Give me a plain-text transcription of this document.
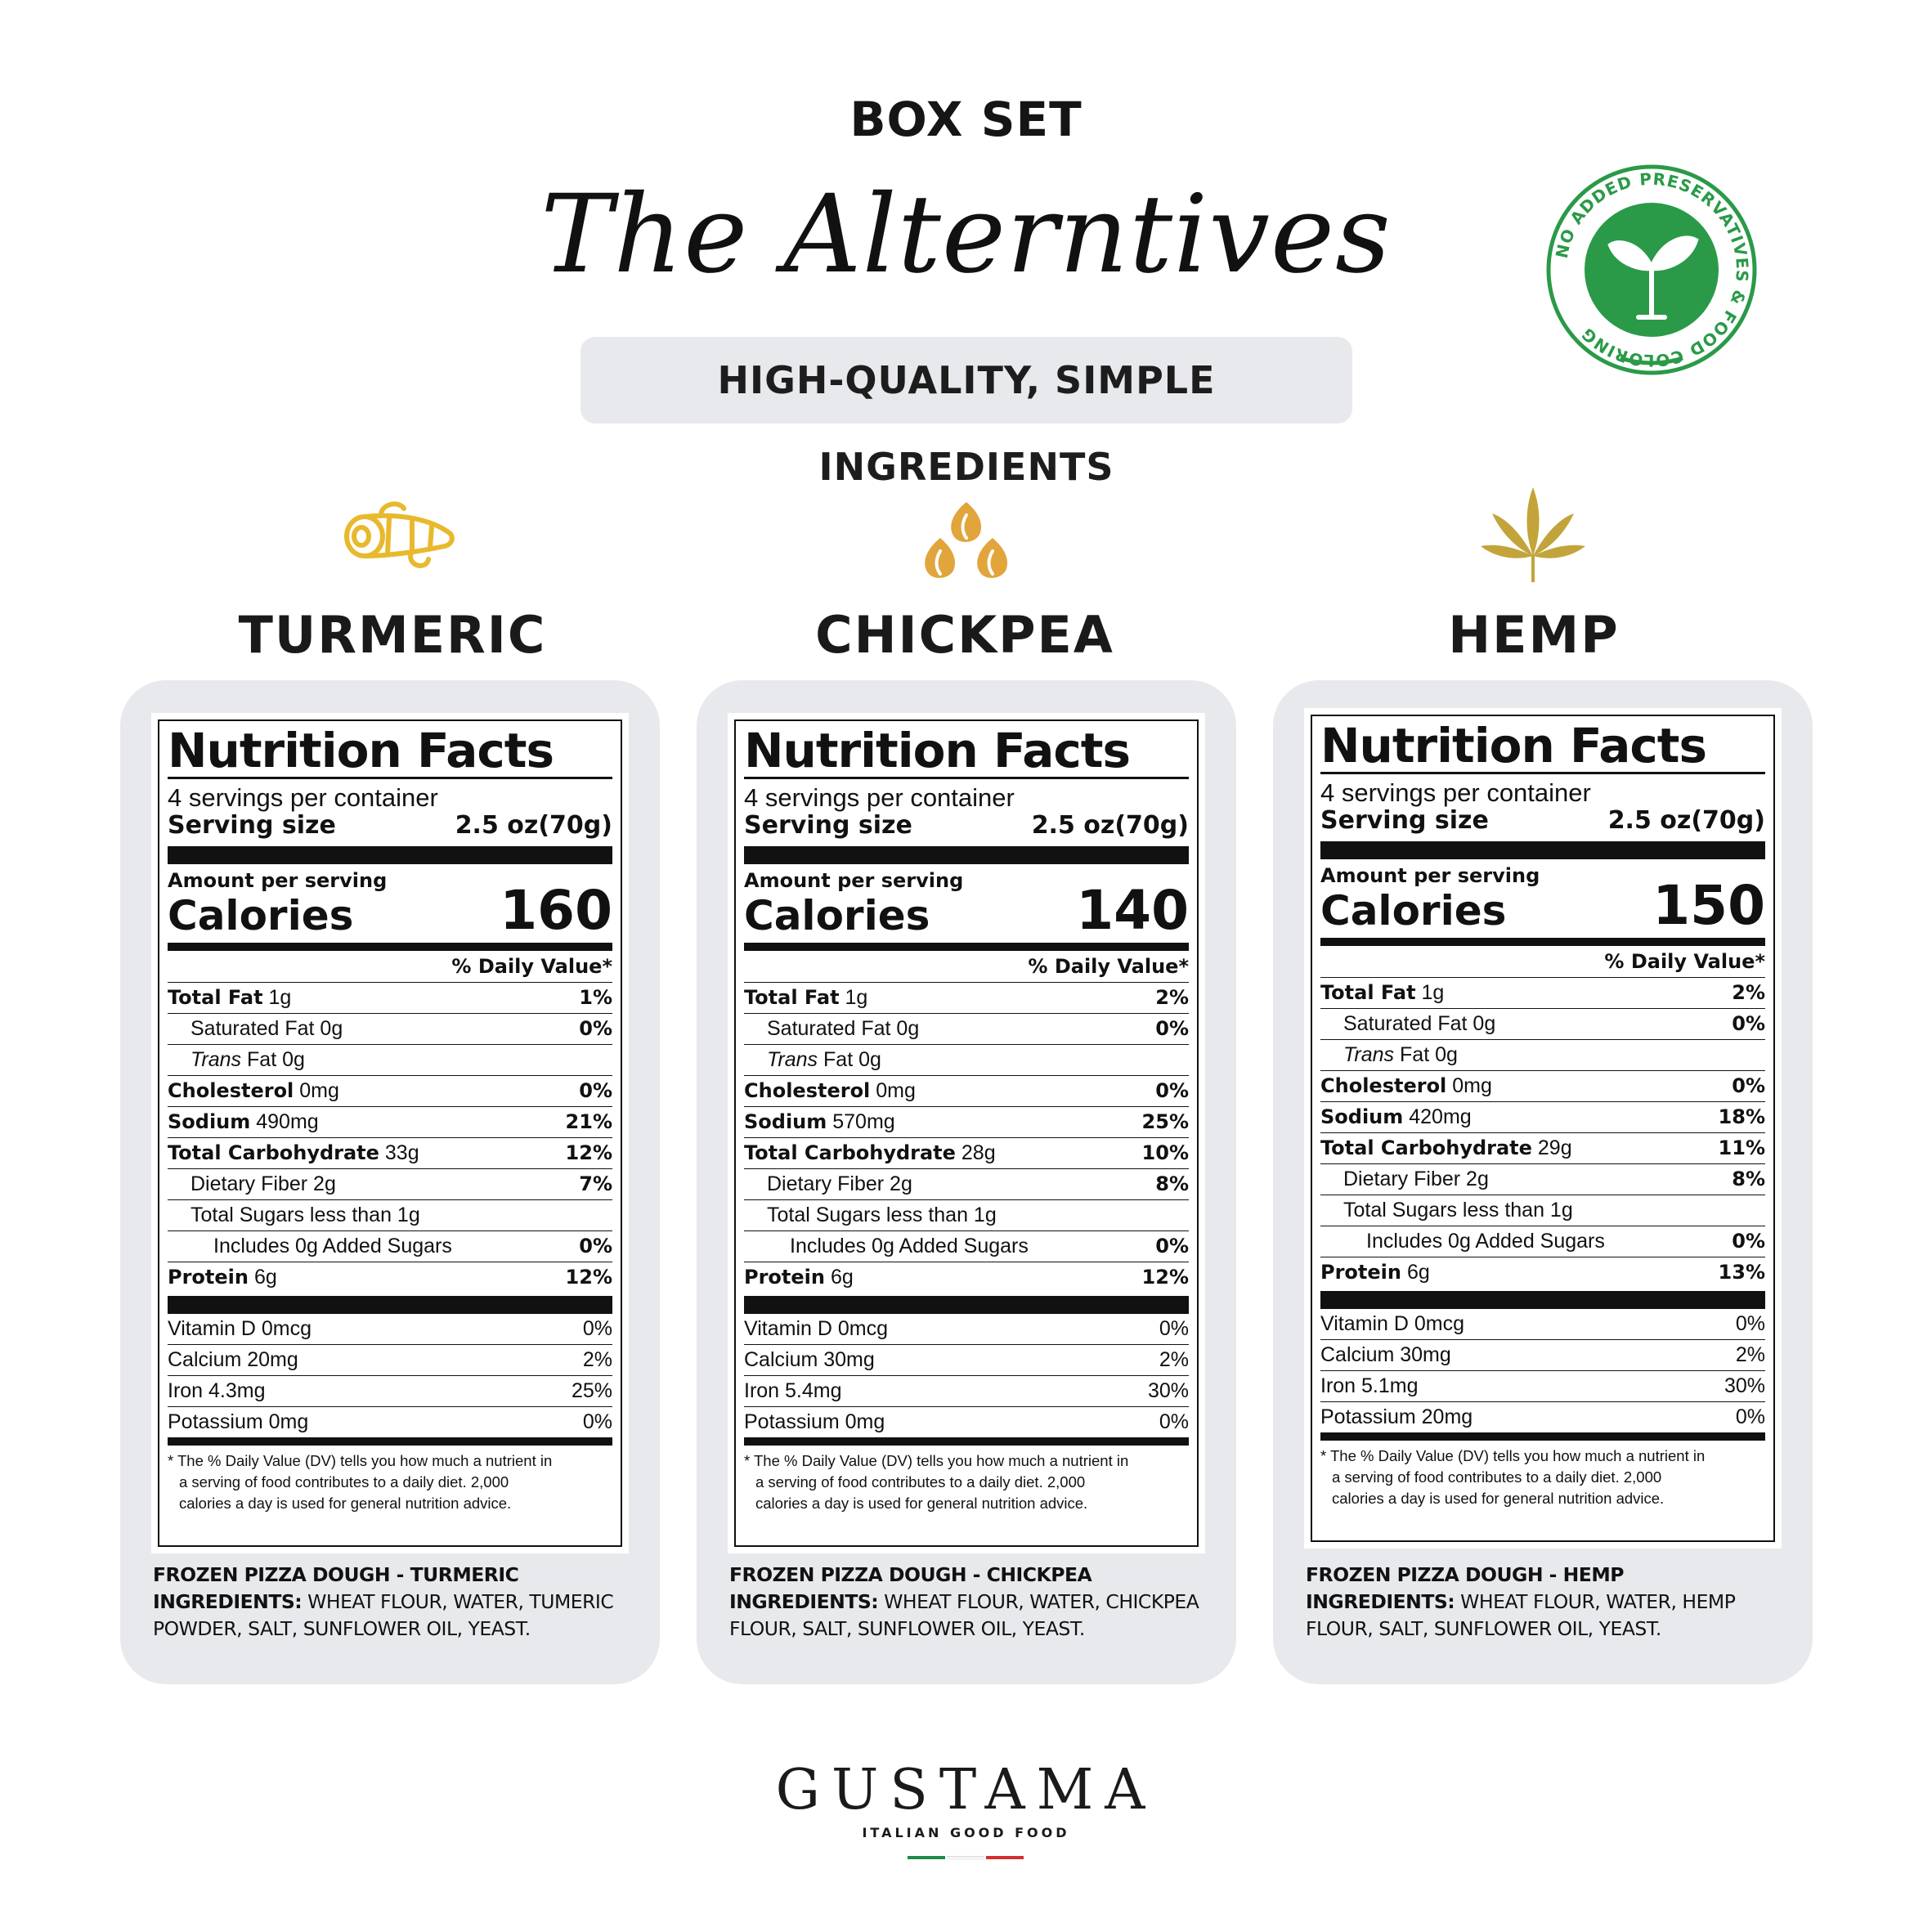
BOX SET
The Alterntives
HIGH-QUALITY, SIMPLE INGREDIENTS
NO ADDED PRESERVATIVES & FOOD COLORING
TURMERIC	CHICKPEA	HEMP
Nutrition Facts
4 servings per container
Serving size	2.5 oz(70g)
Amount per serving
Calories	160
% Daily Value*
Total Fat 1g	1%
Saturated Fat 0g	0%
Trans Fat 0g
Cholesterol 0mg	0%
Sodium 490mg	21%
Total Carbohydrate 33g	12%
Dietary Fiber 2g	7%
Total Sugars less than 1g
Includes 0g Added Sugars	0%
Protein 6g	12%
Vitamin D 0mcg	0%
Calcium 20mg	2%
Iron 4.3mg	25%
Potassium 0mg	0%
* The % Daily Value (DV) tells you how much a nutrient in
a serving of food contributes to a daily diet. 2,000
calories a day is used for general nutrition advice.
FROZEN PIZZA DOUGH - TURMERIC
INGREDIENTS: WHEAT FLOUR, WATER, TUMERIC POWDER, SALT, SUNFLOWER OIL, YEAST.
Nutrition Facts
4 servings per container
Serving size	2.5 oz(70g)
Amount per serving
Calories	140
% Daily Value*
Total Fat 1g	2%
Saturated Fat 0g	0%
Trans Fat 0g
Cholesterol 0mg	0%
Sodium 570mg	25%
Total Carbohydrate 28g	10%
Dietary Fiber 2g	8%
Total Sugars less than 1g
Includes 0g Added Sugars	0%
Protein 6g	12%
Vitamin D 0mcg	0%
Calcium 30mg	2%
Iron 5.4mg	30%
Potassium 0mg	0%
* The % Daily Value (DV) tells you how much a nutrient in
a serving of food contributes to a daily diet. 2,000
calories a day is used for general nutrition advice.
FROZEN PIZZA DOUGH - CHICKPEA
INGREDIENTS: WHEAT FLOUR, WATER, CHICKPEA FLOUR, SALT, SUNFLOWER OIL, YEAST.
Nutrition Facts
4 servings per container
Serving size	2.5 oz(70g)
Amount per serving
Calories	150
% Daily Value*
Total Fat 1g	2%
Saturated Fat 0g	0%
Trans Fat 0g
Cholesterol 0mg	0%
Sodium 420mg	18%
Total Carbohydrate 29g	11%
Dietary Fiber 2g	8%
Total Sugars less than 1g
Includes 0g Added Sugars	0%
Protein 6g	13%
Vitamin D 0mcg	0%
Calcium 30mg	2%
Iron 5.1mg	30%
Potassium 20mg	0%
* The % Daily Value (DV) tells you how much a nutrient in
a serving of food contributes to a daily diet. 2,000
calories a day is used for general nutrition advice.
FROZEN PIZZA DOUGH - HEMP
INGREDIENTS: WHEAT FLOUR, WATER, HEMP FLOUR, SALT, SUNFLOWER OIL, YEAST.
GUSTAMA
ITALIAN GOOD FOOD
